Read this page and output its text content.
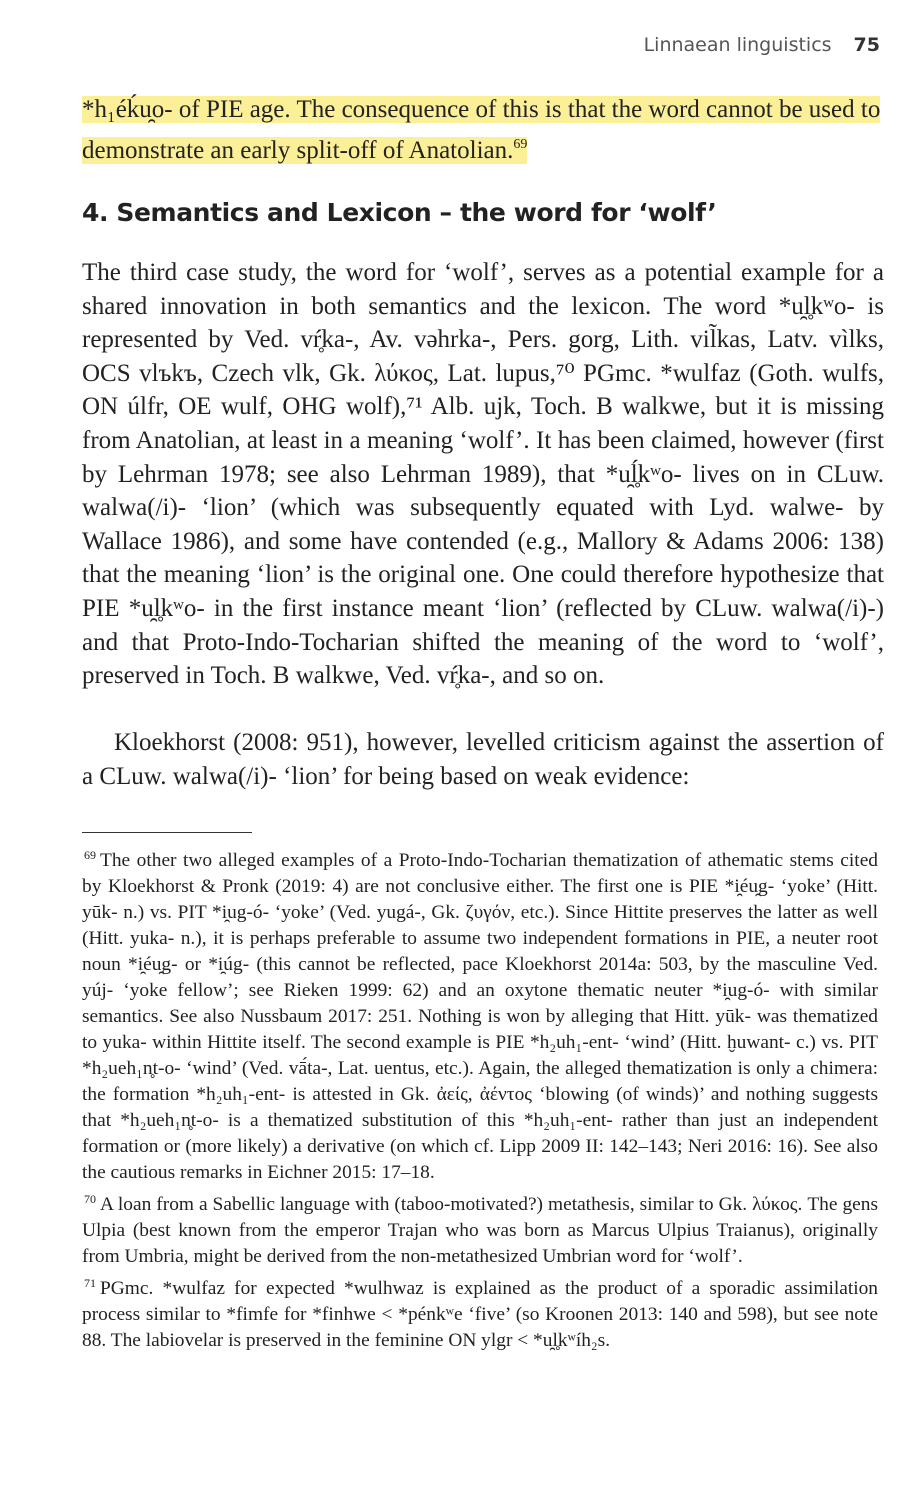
Linnaean linguistics 75

*h₁éḱu̯o- of PIE age. The consequence of this is that the word cannot be used to demonstrate an early split-off of Anatolian.$^{69}$

4. Semantics and Lexicon – the word for ‘wolf’

The third case study, the word for ‘wolf’, serves as a potential example for a shared innovation in both semantics and the lexicon. The word *u̯l̥kʷo- is represented by Ved. vŕ̥ka-, Av. vəhrka-, Pers. gorg, Lith. vil̃kas, Latv. vìlks, OCS vlъkъ, Czech vlk, Gk. λύκος, Lat. lupus,⁷⁰ PGmc. *wulfaz (Goth. wulfs, ON úlfr, OE wulf, OHG wolf),⁷¹ Alb. ujk, Toch. B walkwe, but it is missing from Anatolian, at least in a meaning ‘wolf’. It has been claimed, however (first by Lehrman 1978; see also Lehrman 1989), that *u̯ĺ̥kʷo- lives on in CLuw. walwa(/i)- ‘lion’ (which was subsequently equated with Lyd. walwe- by Wallace 1986), and some have contended (e.g., Mallory & Adams 2006: 138) that the meaning ‘lion’ is the original one. One could therefore hypothesize that PIE *u̯l̥kʷo- in the first instance meant ‘lion’ (reflected by CLuw. walwa(/i)-) and that Proto-Indo-Tocharian shifted the meaning of the word to ‘wolf’, preserved in Toch. B walkwe, Ved. vŕ̥ka-, and so on.

Kloekhorst (2008: 951), however, levelled criticism against the assertion of a CLuw. walwa(/i)- ‘lion’ for being based on weak evidence:

$^{69}$ The other two alleged examples of a Proto-Indo-Tocharian thematization of athematic stems cited by Kloekhorst & Pronk (2019: 4) are not conclusive either. The first one is PIE *i̯éu̯g- ‘yoke’ (Hitt. yūk- n.) vs. PIT *i̯ug-ó- ‘yoke’ (Ved. yugá-, Gk. ζυγόν, etc.). Since Hittite preserves the latter as well (Hitt. yuka- n.), it is perhaps preferable to assume two independent formations in PIE, a neuter root noun *i̯éu̯g- or *i̯úg- (this cannot be reflected, pace Kloekhorst 2014a: 503, by the masculine Ved. yúj- ‘yoke fellow’; see Rieken 1999: 62) and an oxytone thematic neuter *i̯ug-ó- with similar semantics. See also Nussbaum 2017: 251. Nothing is won by alleging that Hitt. yūk- was thematized to yuka- within Hittite itself. The second example is PIE *h₂uh₁-ent- ‘wind’ (Hitt. ḫuwant- c.) vs. PIT *h₂ueh₁n̥t-o- ‘wind’ (Ved. vā́ta-, Lat. uentus, etc.). Again, the alleged thematization is only a chimera: the formation *h₂uh₁-ent- is attested in Gk. ἀείς, ἀέντος ‘blowing (of winds)’ and nothing suggests that *h₂ueh₁n̥t-o- is a thematized substitution of this *h₂uh₁-ent- rather than just an independent formation or (more likely) a derivative (on which cf. Lipp 2009 II: 142–143; Neri 2016: 16). See also the cautious remarks in Eichner 2015: 17–18.

$^{70}$ A loan from a Sabellic language with (taboo-motivated?) metathesis, similar to Gk. λύκος. The gens Ulpia (best known from the emperor Trajan who was born as Marcus Ulpius Traianus), originally from Umbria, might be derived from the non-metathesized Umbrian word for ‘wolf’.

$^{71}$ PGmc. *wulfaz for expected *wulhwaz is explained as the product of a sporadic assimilation process similar to *fimfe for *finhwe < *pénkʷe ‘five’ (so Kroonen 2013: 140 and 598), but see note 88. The labiovelar is preserved in the feminine ON ylgr < *u̯l̥kʷíh₂s.
